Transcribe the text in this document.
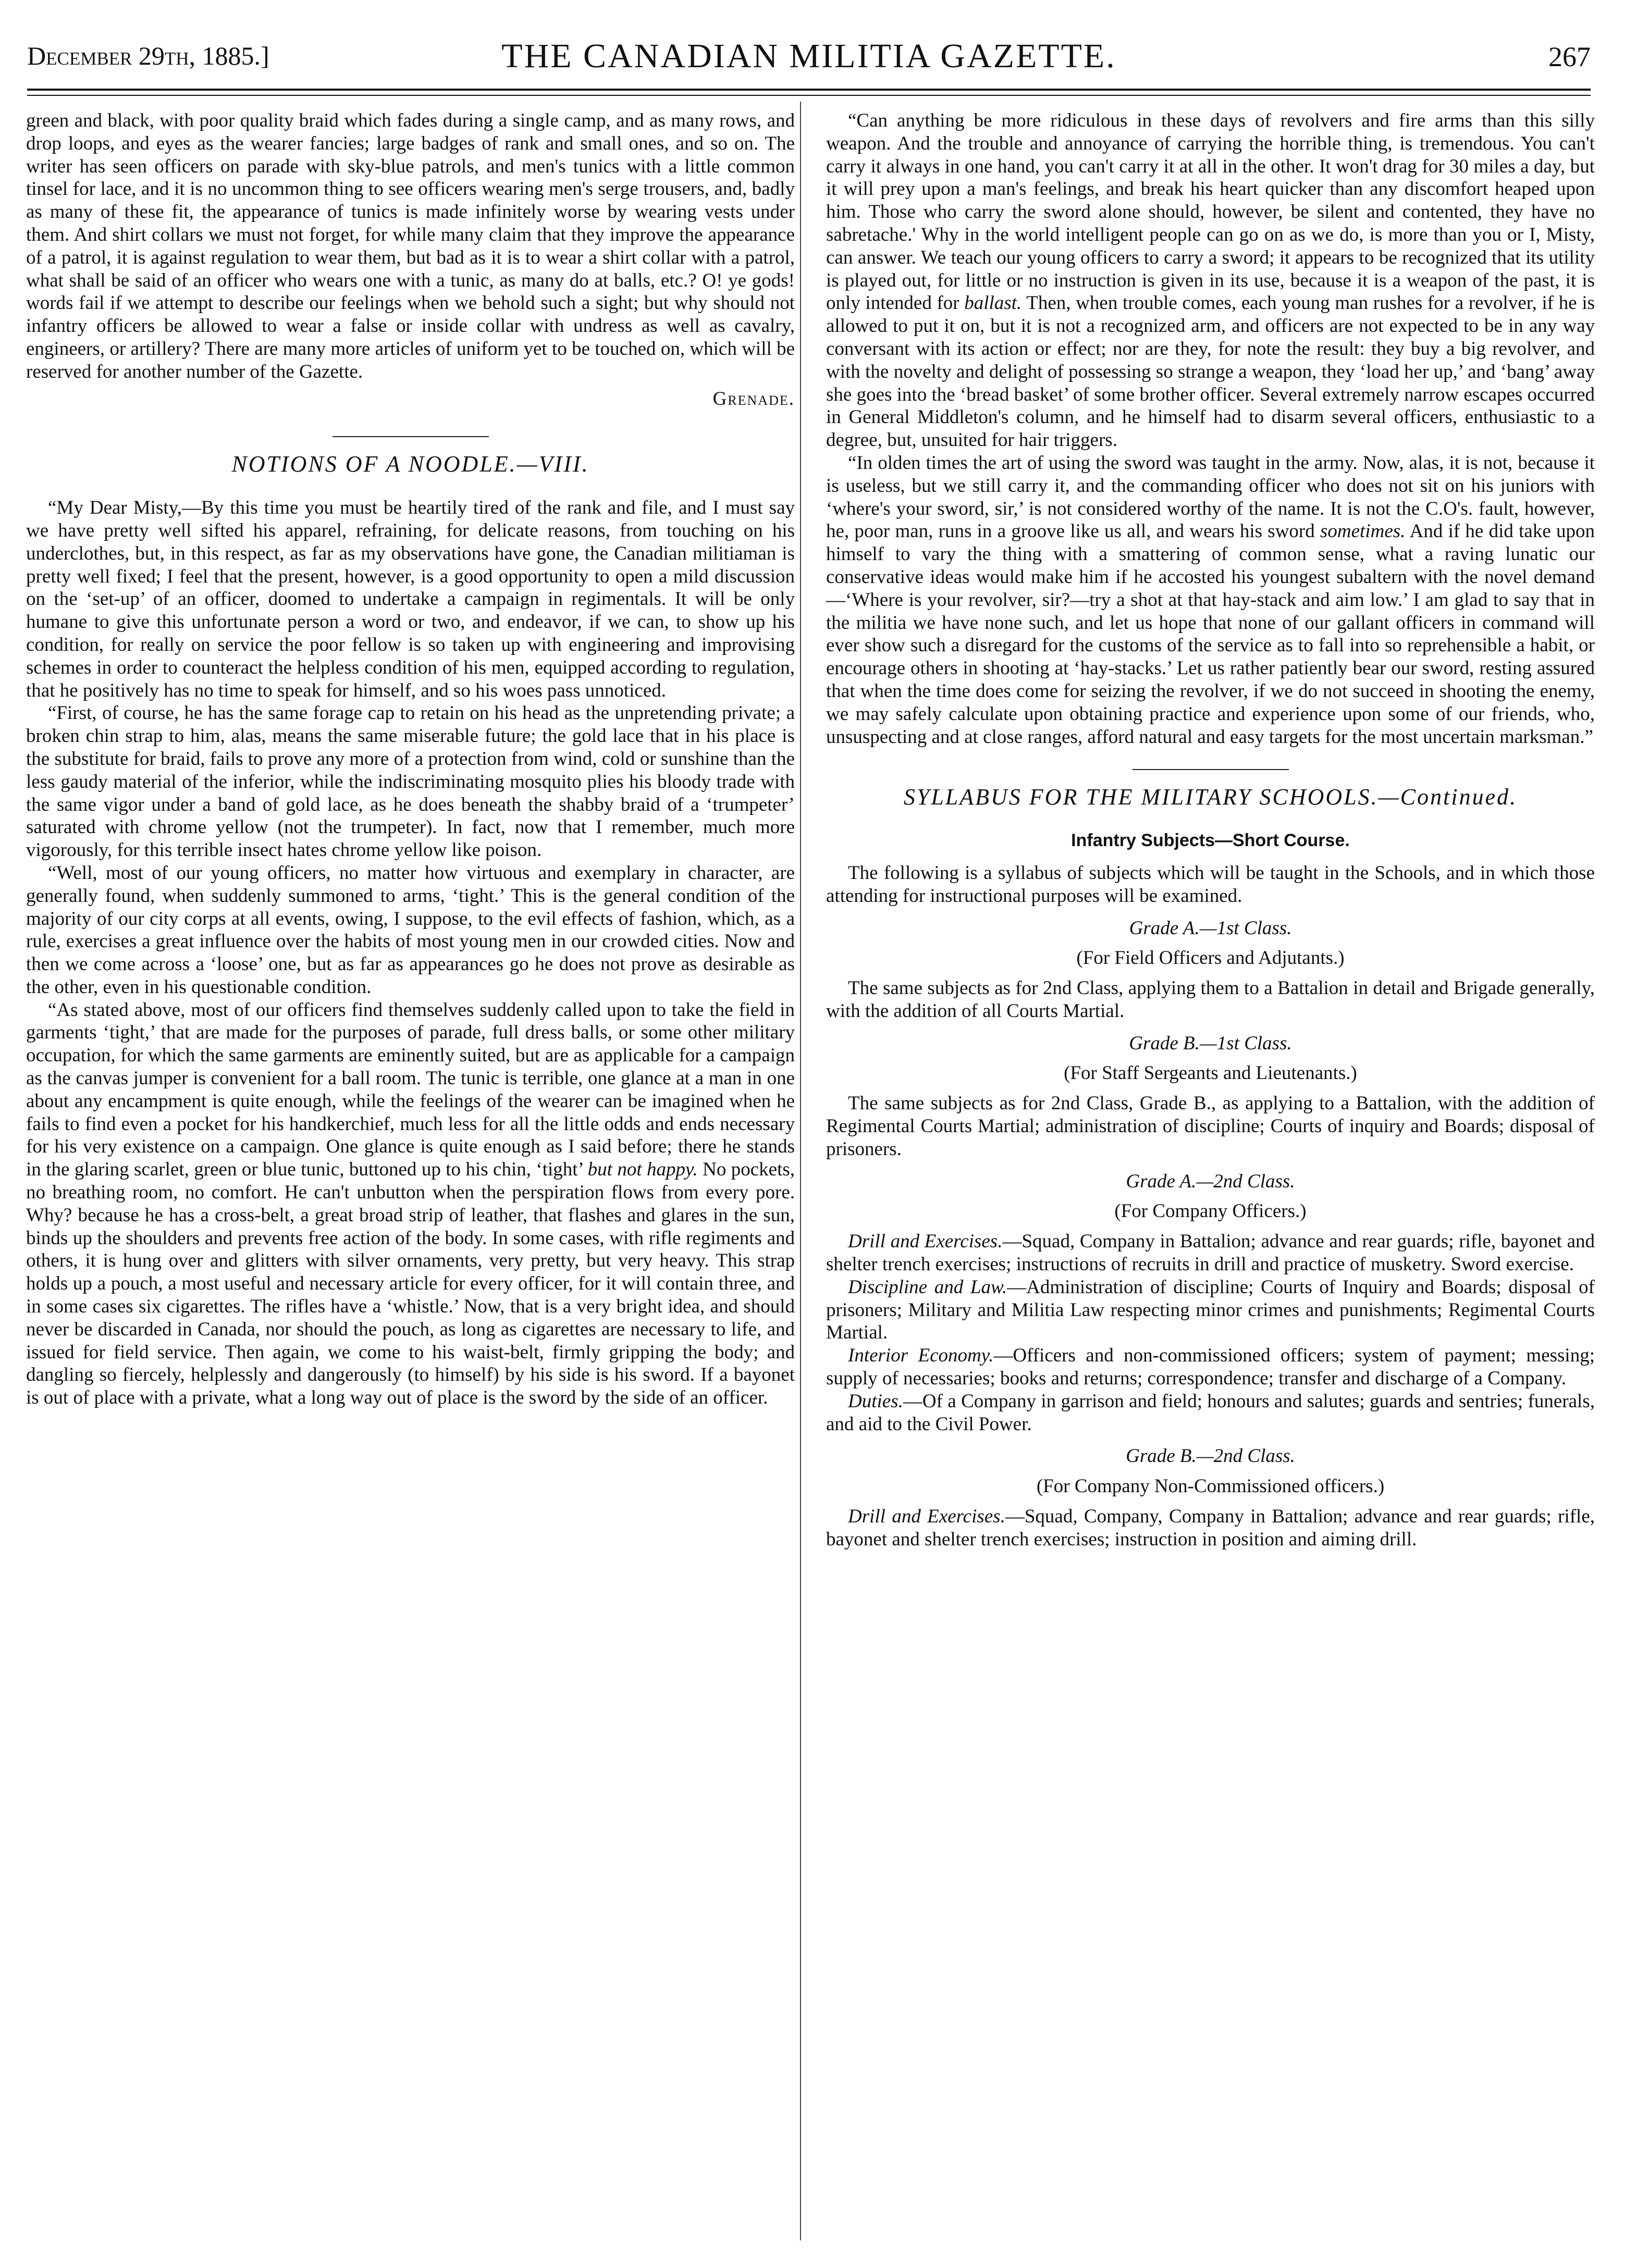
December 29th, 1885.]	THE CANADIAN MILITIA GAZETTE.	267

green and black, with poor quality braid which fades during a single camp, and as many rows, and drop loops, and eyes as the wearer fancies; large badges of rank and small ones, and so on. The writer has seen officers on parade with sky-blue patrols, and men's tunics with a little common tinsel for lace, and it is no uncommon thing to see officers wearing men's serge trousers, and, badly as many of these fit, the appearance of tunics is made infinitely worse by wearing vests under them. And shirt collars we must not forget, for while many claim that they improve the appearance of a patrol, it is against regulation to wear them, but bad as it is to wear a shirt collar with a patrol, what shall be said of an officer who wears one with a tunic, as many do at balls, etc.? O! ye gods! words fail if we attempt to describe our feelings when we behold such a sight; but why should not infantry officers be allowed to wear a false or inside collar with undress as well as cavalry, engineers, or artillery? There are many more articles of uniform yet to be touched on, which will be reserved for another number of the Gazette.

Grenade.
NOTIONS OF A NOODLE.—VIII.

“My Dear Misty,—By this time you must be heartily tired of the rank and file, and I must say we have pretty well sifted his apparel, refraining, for delicate reasons, from touching on his underclothes, but, in this respect, as far as my observations have gone, the Canadian militiaman is pretty well fixed; I feel that the present, however, is a good opportunity to open a mild discussion on the ‘set-up’ of an officer, doomed to undertake a campaign in regimentals. It will be only humane to give this unfortunate person a word or two, and endeavor, if we can, to show up his condition, for really on service the poor fellow is so taken up with engineering and improvising schemes in order to counteract the helpless condition of his men, equipped according to regulation, that he positively has no time to speak for himself, and so his woes pass unnoticed.

“First, of course, he has the same forage cap to retain on his head as the unpretending private; a broken chin strap to him, alas, means the same miserable future; the gold lace that in his place is the substitute for braid, fails to prove any more of a protection from wind, cold or sunshine than the less gaudy material of the inferior, while the indiscriminating mosquito plies his bloody trade with the same vigor under a band of gold lace, as he does beneath the shabby braid of a ‘trumpeter’ saturated with chrome yellow (not the trumpeter). In fact, now that I remember, much more vigorously, for this terrible insect hates chrome yellow like poison.

“Well, most of our young officers, no matter how virtuous and exemplary in character, are generally found, when suddenly summoned to arms, ‘tight.’ This is the general condition of the majority of our city corps at all events, owing, I suppose, to the evil effects of fashion, which, as a rule, exercises a great influence over the habits of most young men in our crowded cities. Now and then we come across a ‘loose’ one, but as far as appearances go he does not prove as desirable as the other, even in his questionable condition.

“As stated above, most of our officers find themselves suddenly called upon to take the field in garments ‘tight,’ that are made for the purposes of parade, full dress balls, or some other military occupation, for which the same garments are eminently suited, but are as applicable for a campaign as the canvas jumper is convenient for a ball room. The tunic is terrible, one glance at a man in one about any encampment is quite enough, while the feelings of the wearer can be imagined when he fails to find even a pocket for his handkerchief, much less for all the little odds and ends necessary for his very existence on a campaign. One glance is quite enough as I said before; there he stands in the glaring scarlet, green or blue tunic, buttoned up to his chin, ‘tight’ but not happy. No pockets, no breathing room, no comfort. He can't unbutton when the perspiration flows from every pore. Why? because he has a cross-belt, a great broad strip of leather, that flashes and glares in the sun, binds up the shoulders and prevents free action of the body. In some cases, with rifle regiments and others, it is hung over and glitters with silver ornaments, very pretty, but very heavy. This strap holds up a pouch, a most useful and necessary article for every officer, for it will contain three, and in some cases six cigarettes. The rifles have a ‘whistle.’ Now, that is a very bright idea, and should never be discarded in Canada, nor should the pouch, as long as cigarettes are necessary to life, and issued for field service. Then again, we come to his waist-belt, firmly gripping the body; and dangling so fiercely, helplessly and dangerously (to himself) by his side is his sword. If a bayonet is out of place with a private, what a long way out of place is the sword by the side of an officer.

“Can anything be more ridiculous in these days of revolvers and fire arms than this silly weapon. And the trouble and annoyance of carrying the horrible thing, is tremendous. You can't carry it always in one hand, you can't carry it at all in the other. It won't drag for 30 miles a day, but it will prey upon a man's feelings, and break his heart quicker than any discomfort heaped upon him. Those who carry the sword alone should, however, be silent and contented, they have no sabretache.' Why in the world intelligent people can go on as we do, is more than you or I, Misty, can answer. We teach our young officers to carry a sword; it appears to be recognized that its utility is played out, for little or no instruction is given in its use, because it is a weapon of the past, it is only intended for ballast. Then, when trouble comes, each young man rushes for a revolver, if he is allowed to put it on, but it is not a recognized arm, and officers are not expected to be in any way conversant with its action or effect; nor are they, for note the result: they buy a big revolver, and with the novelty and delight of possessing so strange a weapon, they ‘load her up,’ and ‘bang’ away she goes into the ‘bread basket’ of some brother officer. Several extremely narrow escapes occurred in General Middleton's column, and he himself had to disarm several officers, enthusiastic to a degree, but, unsuited for hair triggers.

“In olden times the art of using the sword was taught in the army. Now, alas, it is not, because it is useless, but we still carry it, and the commanding officer who does not sit on his juniors with ‘where's your sword, sir,’ is not considered worthy of the name. It is not the C.O's. fault, however, he, poor man, runs in a groove like us all, and wears his sword sometimes. And if he did take upon himself to vary the thing with a smattering of common sense, what a raving lunatic our conservative ideas would make him if he accosted his youngest subaltern with the novel demand—‘Where is your revolver, sir?—try a shot at that hay-stack and aim low.’ I am glad to say that in the militia we have none such, and let us hope that none of our gallant officers in command will ever show such a disregard for the customs of the service as to fall into so reprehensible a habit, or encourage others in shooting at ‘hay-stacks.’ Let us rather patiently bear our sword, resting assured that when the time does come for seizing the revolver, if we do not succeed in shooting the enemy, we may safely calculate upon obtaining practice and experience upon some of our friends, who, unsuspecting and at close ranges, afford natural and easy targets for the most uncertain marksman.”

SYLLABUS FOR THE MILITARY SCHOOLS.—Continued.
Infantry Subjects—Short Course.

The following is a syllabus of subjects which will be taught in the Schools, and in which those attending for instructional purposes will be examined.

Grade A.—1st Class.
(For Field Officers and Adjutants.)

The same subjects as for 2nd Class, applying them to a Battalion in detail and Brigade generally, with the addition of all Courts Martial.

Grade B.—1st Class.
(For Staff Sergeants and Lieutenants.)

The same subjects as for 2nd Class, Grade B., as applying to a Battalion, with the addition of Regimental Courts Martial; administration of discipline; Courts of inquiry and Boards; disposal of prisoners.

Grade A.—2nd Class.
(For Company Officers.)

Drill and Exercises.—Squad, Company in Battalion; advance and rear guards; rifle, bayonet and shelter trench exercises; instructions of recruits in drill and practice of musketry. Sword exercise.

Discipline and Law.—Administration of discipline; Courts of Inquiry and Boards; disposal of prisoners; Military and Militia Law respecting minor crimes and punishments; Regimental Courts Martial.

Interior Economy.—Officers and non-commissioned officers; system of payment; messing; supply of necessaries; books and returns; correspondence; transfer and discharge of a Company.

Duties.—Of a Company in garrison and field; honours and salutes; guards and sentries; funerals, and aid to the Civil Power.

Grade B.—2nd Class.
(For Company Non-Commissioned officers.)

Drill and Exercises.—Squad, Company, Company in Battalion; advance and rear guards; rifle, bayonet and shelter trench exercises; instruction in position and aiming drill.
